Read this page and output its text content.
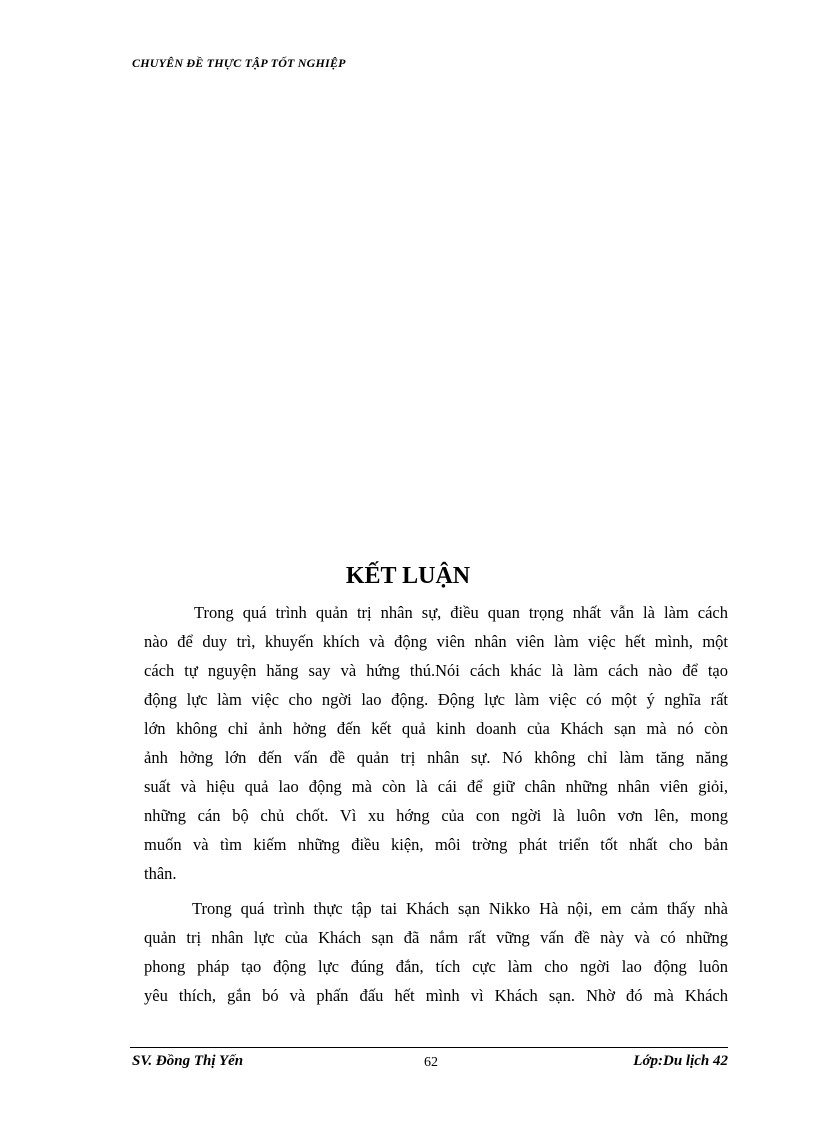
CHUYÊN ĐỀ THỰC TẬP TỐT NGHIỆP
KẾT LUẬN

Trong quá trình quản trị nhân sự, điều quan trọng nhất vẫn là làm cách
nào để duy trì, khuyến khích và động viên nhân viên làm việc hết mình, một
cách tự nguyện hăng say và hứng thú.Nói cách khác là làm cách nào để tạo
động lực làm việc cho ngời lao động. Động lực làm việc có một ý nghĩa rất
lớn không chỉ ảnh hởng đến kết quả kinh doanh của Khách sạn mà nó còn
ảnh hởng lớn đến vấn đề quản trị nhân sự. Nó không chỉ làm tăng năng
suất và hiệu quả lao động mà còn là cái để giữ chân những nhân viên giỏi,
những cán bộ chủ chốt. Vì xu hớng của con ngời là luôn vơn lên, mong
muốn và tìm kiếm những điều kiện, môi trờng phát triển tốt nhất cho bản
thân.

Trong quá trình thực tập tai Khách sạn Nikko Hà nội, em cảm thấy nhà
quản trị nhân lực của Khách sạn đã nắm rất vững vấn đề này và có những
phong pháp tạo động lực đúng đắn, tích cực làm cho ngời lao động luôn
yêu thích, gắn bó và phấn đấu hết mình vì Khách sạn. Nhờ đó mà Khách

SV. Đồng Thị Yến	62	Lớp:Du lịch 42
